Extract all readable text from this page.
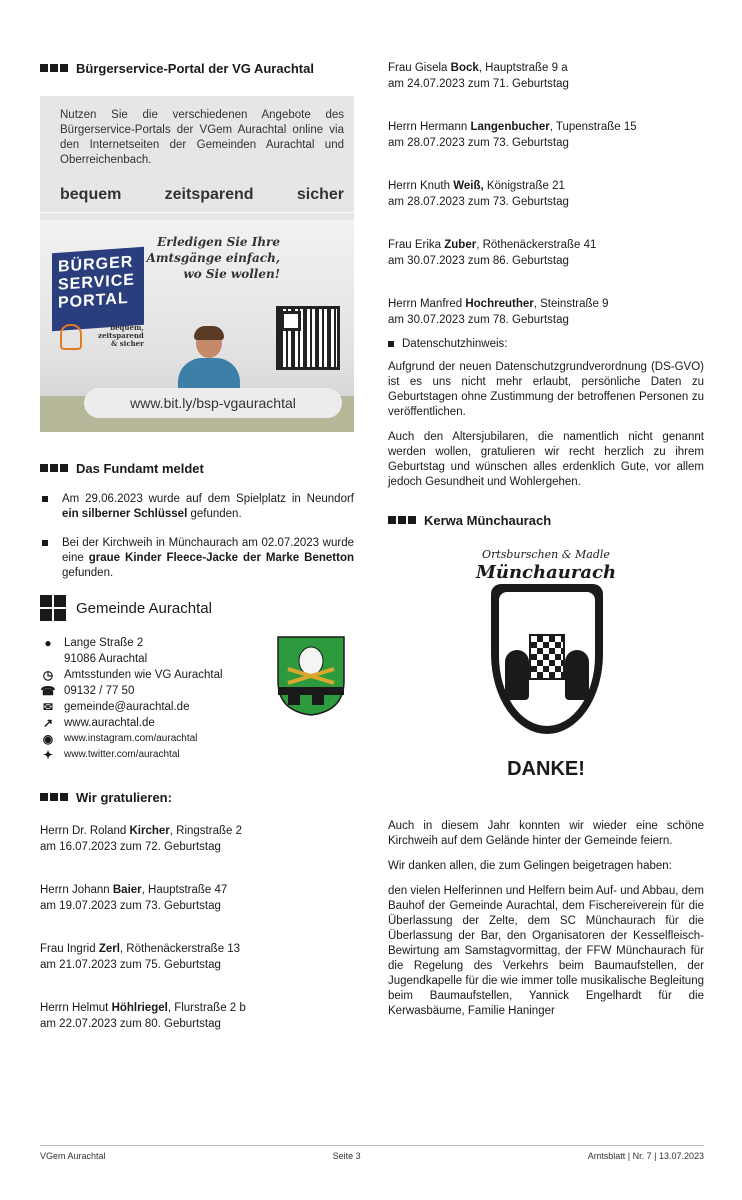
Bürgerservice-Portal der VG Aurachtal
Nutzen Sie die verschiedenen Angebote des Bürgerservice-Portals der VGem Aurachtal online via den Internetseiten der Gemeinden Aurachtal und Oberreichenbach.
bequem	zeitsparend	sicher
Erledigen Sie Ihre
Amtsgänge einfach,
wo Sie wollen!
BÜRGER
SERVICE
PORTAL
bequem,
zeitsparend
& sicher
www.bit.ly/bsp-vgaurachtal
Das Fundamt meldet
Am 29.06.2023 wurde auf dem Spielplatz in Neundorf ein silberner Schlüssel gefunden.
Bei der Kirchweih in Münchaurach am 02.07.2023 wurde eine graue Kinder Fleece-Jacke der Marke Benetton gefunden.
Gemeinde Aurachtal
●	Lange Straße 2
91086 Aurachtal
◷ Amtsstunden wie VG Aurachtal
☎ 09132 / 77 50
✉ gemeinde@aurachtal.de
↗ www.aurachtal.de
◉ www.instagram.com/aurachtal
✦ www.twitter.com/aurachtal
Wir gratulieren:
Herrn Dr. Roland Kircher, Ringstraße 2
am 16.07.2023 zum 72. Geburtstag
Herrn Johann Baier, Hauptstraße 47
am 19.07.2023 zum 73. Geburtstag
Frau Ingrid Zerl, Röthenäckerstraße 13
am 21.07.2023 zum 75. Geburtstag
Herrn Helmut Höhlriegel, Flurstraße 2 b
am 22.07.2023 zum 80. Geburtstag
Frau Gisela Bock, Hauptstraße 9 a
am 24.07.2023 zum 71. Geburtstag
Herrn Hermann Langenbucher, Tupenstraße 15
am 28.07.2023 zum 73. Geburtstag
Herrn Knuth Weiß, Königstraße 21
am 28.07.2023 zum 73. Geburtstag
Frau Erika Zuber, Röthenäckerstraße 41
am 30.07.2023 zum 86. Geburtstag
Herrn Manfred Hochreuther, Steinstraße 9
am 30.07.2023 zum 78. Geburtstag
Datenschutzhinweis:
Aufgrund der neuen Datenschutzgrundverordnung (DS-GVO) ist es uns nicht mehr erlaubt, persönliche Daten zu Geburtstagen ohne Zustimmung der betroffenen Personen zu veröffentlichen.
Auch den Altersjubilaren, die namentlich nicht genannt werden wollen, gratulieren wir recht herzlich zu ihrem Geburtstag und wünschen alles erdenklich Gute, vor allem jedoch Gesundheit und Wohlergehen.
Kerwa Münchaurach
Ortsburschen & Madle
Münchaurach
DANKE!
Auch in diesem Jahr konnten wir wieder eine schöne Kirchweih auf dem Gelände hinter der Gemeinde feiern.
Wir danken allen, die zum Gelingen beigetragen haben:
den vielen Helferinnen und Helfern beim Auf- und Abbau, dem Bauhof der Gemeinde Aurachtal, dem Fischereiverein für die Überlassung der Zelte, dem SC Münchaurach für die Überlassung der Bar, den Organisatoren der Kesselfleisch-Bewirtung am Samstagvormittag, der FFW Münchaurach für die Regelung des Verkehrs beim Baumaufstellen, der Jugendkapelle für die wie immer tolle musikalische Begleitung beim Baumaufstellen, Yannick Engelhardt für die Kerwasbäume, Familie Haninger
VGem Aurachtal	Seite 3	Amtsblatt | Nr. 7 | 13.07.2023
